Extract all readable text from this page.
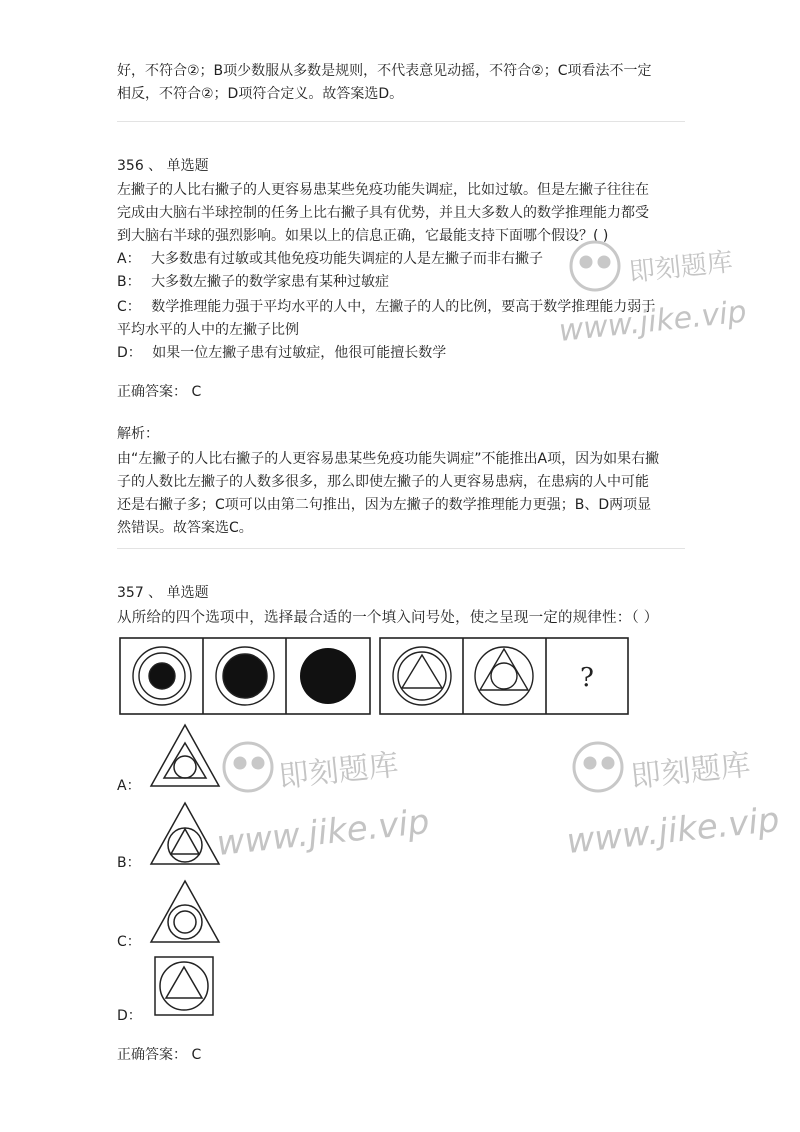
好，不符合②；B项少数服从多数是规则，不代表意见动摇，不符合②；C项看法不一定

相反，不符合②；D项符合定义。故答案选D。

356 、 单选题

左撇子的人比右撇子的人更容易患某些免疫功能失调症，比如过敏。但是左撇子往往在

完成由大脑右半球控制的任务上比右撇子具有优势，并且大多数人的数学推理能力都受

到大脑右半球的强烈影响。如果以上的信息正确，它最能支持下面哪个假设？( )

A： 大多数患有过敏或其他免疫功能失调症的人是左撇子而非右撇子
B： 大多数左撇子的数学家患有某种过敏症
C： 数学推理能力强于平均水平的人中，左撇子的人的比例，要高于数学推理能力弱于
平均水平的人中的左撇子比例
D： 如果一位左撇子患有过敏症，他很可能擅长数学

正确答案： C

解析：

由“左撇子的人比右撇子的人更容易患某些免疫功能失调症”不能推出A项，因为如果右撇

子的人数比左撇子的人数多很多，那么即使左撇子的人更容易患病，在患病的人中可能

还是右撇子多；C项可以由第二句推出，因为左撇子的数学推理能力更强；B、D两项显

然错误。故答案选C。

357 、 单选题

从所给的四个选项中，选择最合适的一个填入问号处，使之呈现一定的规律性：（ ）

?
A：
B：
C：
D：

正确答案： C

即刻题库
www.jike.vip
即刻题库
www.jike.vip
即刻题库
www.jike.vip
